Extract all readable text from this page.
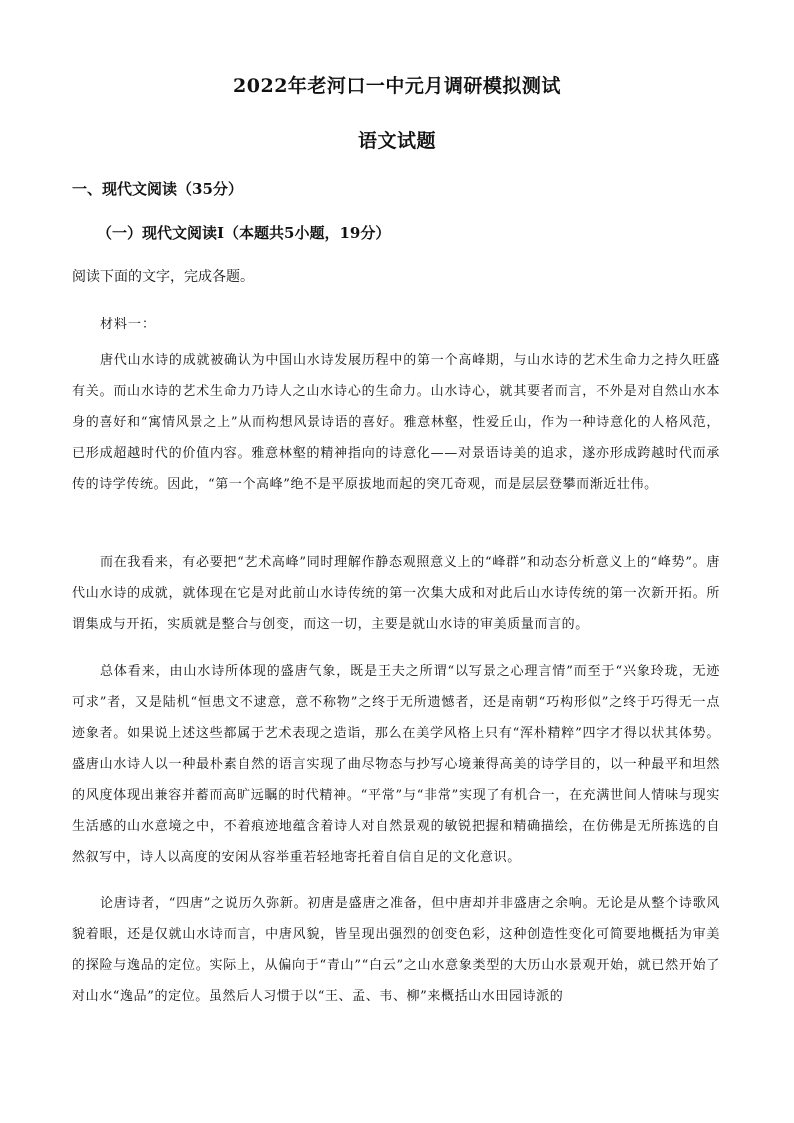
2022年老河口一中元月调研模拟测试
语文试题
一、现代文阅读（35分）
（一）现代文阅读Ⅰ（本题共5小题，19分）
阅读下面的文字，完成各题。
材料一：

唐代山水诗的成就被确认为中国山水诗发展历程中的第一个高峰期，与山水诗的艺术生命力之持久旺盛有关。而山水诗的艺术生命力乃诗人之山水诗心的生命力。山水诗心，就其要者而言，不外是对自然山水本身的喜好和“寓情风景之上”从而构想风景诗语的喜好。雅意林壑，性爱丘山，作为一种诗意化的人格风范，已形成超越时代的价值内容。雅意林壑的精神指向的诗意化——对景语诗美的追求，遂亦形成跨越时代而承传的诗学传统。因此，“第一个高峰”绝不是平原拔地而起的突兀奇观，而是层层登攀而渐近壮伟。

而在我看来，有必要把“艺术高峰”同时理解作静态观照意义上的“峰群”和动态分析意义上的“峰势”。唐代山水诗的成就，就体现在它是对此前山水诗传统的第一次集大成和对此后山水诗传统的第一次新开拓。所谓集成与开拓，实质就是整合与创变，而这一切，主要是就山水诗的审美质量而言的。

总体看来，由山水诗所体现的盛唐气象，既是王夫之所谓“以写景之心理言情”而至于“兴象玲珑，无迹可求”者，又是陆机“恒患文不逮意，意不称物”之终于无所遗憾者，还是南朝“巧构形似”之终于巧得无一点迹象者。如果说上述这些都属于艺术表现之造诣，那么在美学风格上只有“浑朴精粹”四字才得以状其体势。盛唐山水诗人以一种最朴素自然的语言实现了曲尽物态与抄写心境兼得高美的诗学目的，以一种最平和坦然的风度体现出兼容并蓄而高旷远瞩的时代精神。“平常”与“非常”实现了有机合一，在充满世间人情味与现实生活感的山水意境之中，不着痕迹地蕴含着诗人对自然景观的敏锐把握和精确描绘，在仿佛是无所拣选的自然叙写中，诗人以高度的安闲从容举重若轻地寄托着自信自足的文化意识。

论唐诗者，“四唐”之说历久弥新。初唐是盛唐之准备，但中唐却并非盛唐之余响。无论是从整个诗歌风貌着眼，还是仅就山水诗而言，中唐风貌，皆呈现出强烈的创变色彩，这种创造性变化可简要地概括为审美的探险与逸品的定位。实际上，从偏向于“青山”“白云”之山水意象类型的大历山水景观开始，就已然开始了对山水“逸品”的定位。虽然后人习惯于以“王、孟、韦、柳”来概括山水田园诗派的
